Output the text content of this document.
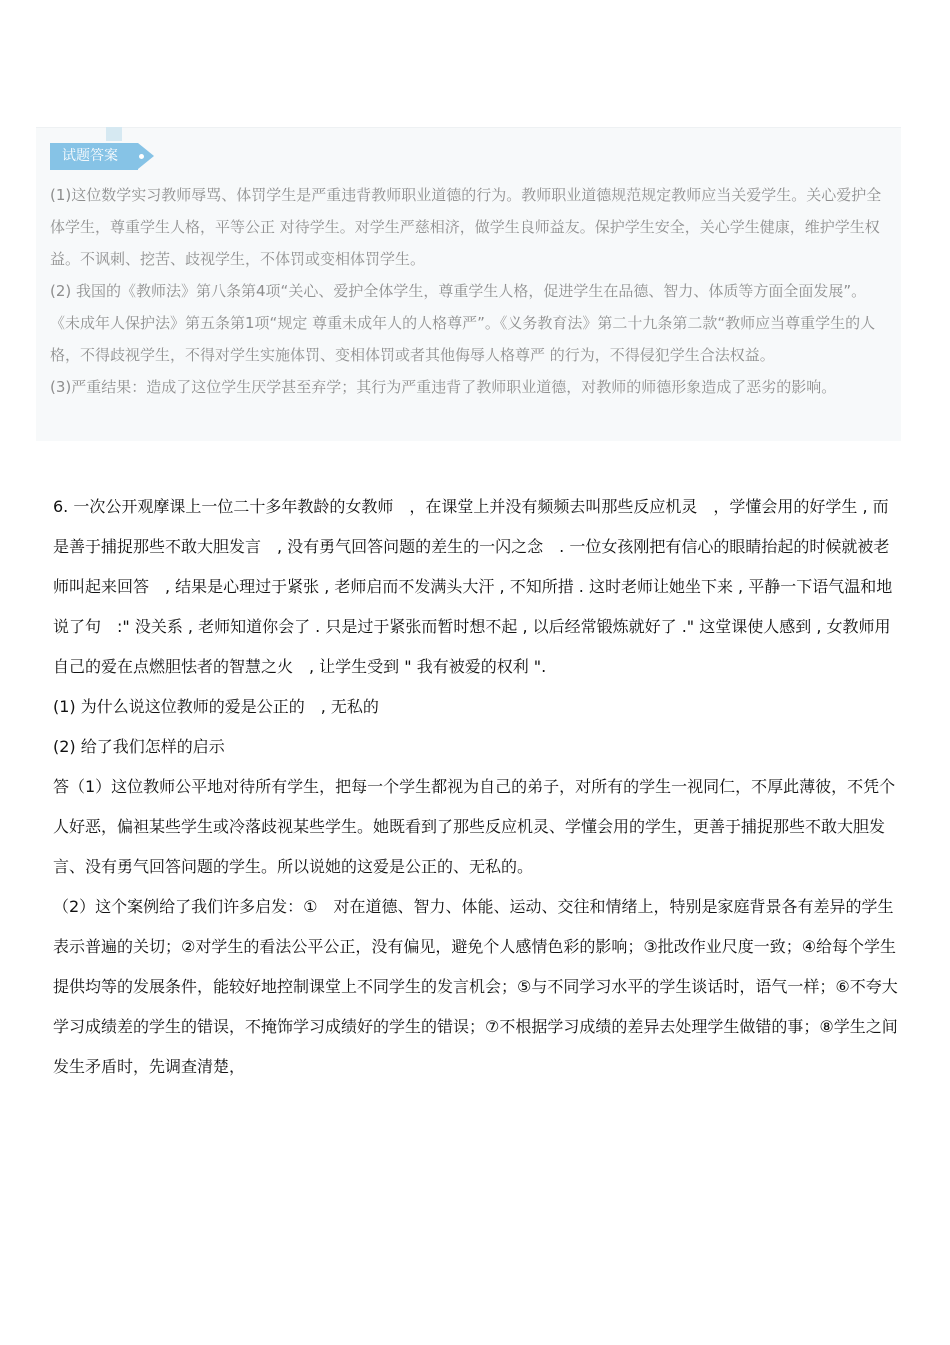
试题答案

(1)这位数学实习教师辱骂、体罚学生是严重违背教师职业道德的行为。教师职业道德规范规定教师应当关爱学生。关心爱护全体学生，尊重学生人格，平等公正 对待学生。对学生严慈相济，做学生良师益友。保护学生安全，关心学生健康，维护学生权益。不讽刺、挖苦、歧视学生，不体罚或变相体罚学生。

(2) 我国的《教师法》第八条第4项“关心、爱护全体学生，尊重学生人格，促进学生在品德、智力、体质等方面全面发展”。《未成年人保护法》第五条第1项“规定 尊重未成年人的人格尊严”。《义务教育法》第二十九条第二款“教师应当尊重学生的人格，不得歧视学生，不得对学生实施体罚、变相体罚或者其他侮辱人格尊严 的行为，不得侵犯学生合法权益。

(3)严重结果：造成了这位学生厌学甚至弃学；其行为严重违背了教师职业道德，对教师的师德形象造成了恶劣的影响。

6. 一次公开观摩课上一位二十多年教龄的女教师　，在课堂上并没有频频去叫那些反应机灵　，学懂会用的好学生 , 而是善于捕捉那些不敢大胆发言　, 没有勇气回答问题的差生的一闪之念　. 一位女孩刚把有信心的眼睛抬起的时候就被老师叫起来回答　, 结果是心理过于紧张 , 老师启而不发满头大汗 , 不知所措 . 这时老师让她坐下来 , 平静一下语气温和地说了句　:" 没关系 , 老师知道你会了 . 只是过于紧张而暂时想不起 , 以后经常锻炼就好了 ." 这堂课使人感到 , 女教师用自己的爱在点燃胆怯者的智慧之火　, 让学生受到 " 我有被爱的权利 ".

(1) 为什么说这位教师的爱是公正的　, 无私的

(2) 给了我们怎样的启示

答（1）这位教师公平地对待所有学生，把每一个学生都视为自己的弟子，对所有的学生一视同仁，不厚此薄彼，不凭个人好恶，偏袒某些学生或冷落歧视某些学生。她既看到了那些反应机灵、学懂会用的学生，更善于捕捉那些不敢大胆发言、没有勇气回答问题的学生。所以说她的这爱是公正的、无私的。

（2）这个案例给了我们许多启发：①　对在道德、智力、体能、运动、交往和情绪上，特别是家庭背景各有差异的学生表示普遍的关切；②对学生的看法公平公正，没有偏见，避免个人感情色彩的影响；③批改作业尺度一致；④给每个学生提供均等的发展条件，能较好地控制课堂上不同学生的发言机会；⑤与不同学习水平的学生谈话时，语气一样；⑥不夸大学习成绩差的学生的错误，不掩饰学习成绩好的学生的错误；⑦不根据学习成绩的差异去处理学生做错的事；⑧学生之间发生矛盾时，先调查清楚，
